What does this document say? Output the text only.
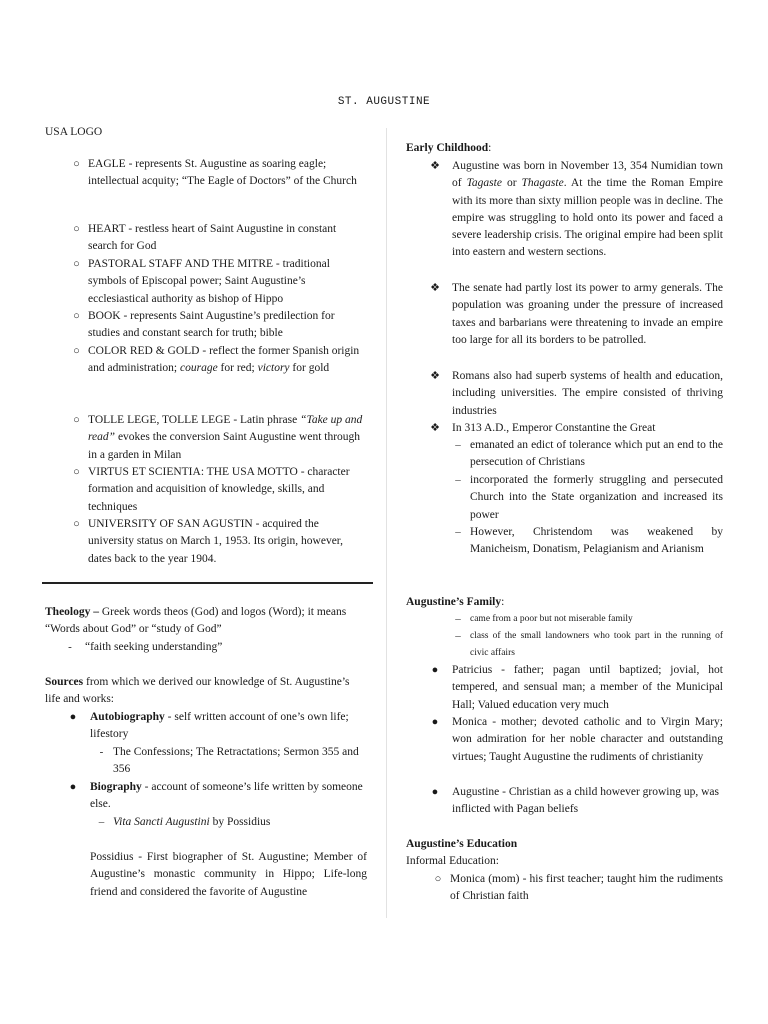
ST. AUGUSTINE
USA LOGO
○ EAGLE - represents St. Augustine as soaring eagle; intellectual acquity; “The Eagle of Doctors” of the Church
○ HEART - restless heart of Saint Augustine in constant search for God
○ PASTORAL STAFF AND THE MITRE - traditional symbols of Episcopal power; Saint Augustine’s ecclesiastical authority as bishop of Hippo
○ BOOK - represents Saint Augustine’s predilection for studies and constant search for truth; bible
○ COLOR RED & GOLD - reflect the former Spanish origin and administration; courage for red; victory for gold
○ TOLLE LEGE, TOLLE LEGE - Latin phrase “Take up and read” evokes the conversion Saint Augustine went through in a garden in Milan
○ VIRTUS ET SCIENTIA: THE USA MOTTO - character formation and acquisition of knowledge, skills, and techniques
○ UNIVERSITY OF SAN AGUSTIN - acquired the university status on March 1, 1953. Its origin, however, dates back to the year 1904.
Theology – Greek words theos (God) and logos (Word); it means “Words about God” or “study of God”
-	“faith seeking understanding”
Sources from which we derived our knowledge of St. Augustine’s life and works:
●	Autobiography - self written account of one’s own life; lifestory
- The Confessions; The Retractations; Sermon 355 and 356
●	Biography - account of someone’s life written by someone else.
– Vita Sancti Augustini by Possidius
Possidius - First biographer of St. Augustine; Member of Augustine’s monastic community in Hippo; Life-long friend and considered the favorite of Augustine
Early Childhood:
❖	Augustine was born in November 13, 354 Numidian town of Tagaste or Thagaste. At the time the Roman Empire with its more than sixty million people was in decline. The empire was struggling to hold onto its power and faced a severe leadership crisis. The original empire had been split into eastern and western sections.
❖	The senate had partly lost its power to army generals. The population was groaning under the pressure of increased taxes and barbarians were threatening to invade an empire too large for all its borders to be patrolled.
❖	Romans also had superb systems of health and education, including universities. The empire consisted of thriving industries
❖	In 313 A.D., Emperor Constantine the Great
– emanated an edict of tolerance which put an end to the persecution of Christians
– incorporated the formerly struggling and persecuted Church into the State organization and increased its power
– However, Christendom was weakened by Manicheism, Donatism, Pelagianism and Arianism
Augustine’s Family:
– came from a poor but not miserable family
– class of the small landowners who took part in the running of civic affairs
●	Patricius - father; pagan until baptized; jovial, hot tempered, and sensual man; a member of the Municipal Hall; Valued education very much
●	Monica - mother; devoted catholic and to Virgin Mary; won admiration for her noble character and outstanding virtues; Taught Augustine the rudiments of christianity
●	Augustine - Christian as a child however growing up, was inflicted with Pagan beliefs
Augustine’s Education
Informal Education:
○ Monica (mom) - his first teacher; taught him the rudiments of Christian faith
